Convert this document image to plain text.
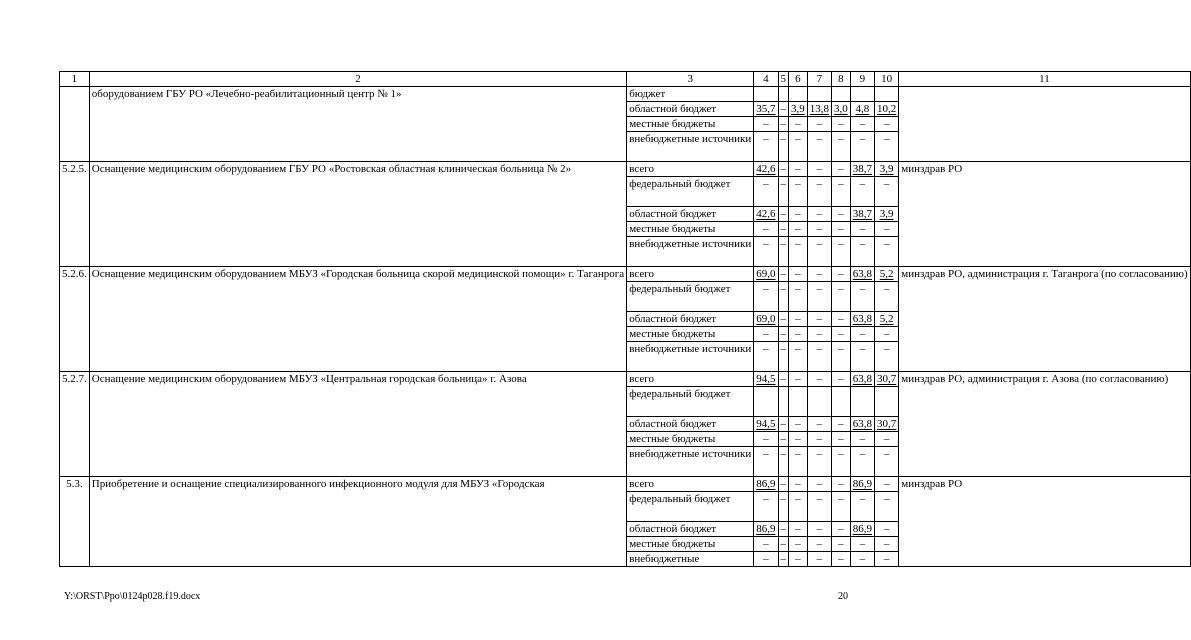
1	2	3	4	5	6	7	8	9	10	11
	оборудованием ГБУ РО «Лечебно-реабилитационный центр № 1»	бюджет								
		областной бюджет	35,7	–	3,9	13,8	3,0	4,8	10,2	
		местные бюджеты	–	–	–	–	–	–	–	
		внебюджетные источники	–	–	–	–	–	–	–	
5.2.5.	Оснащение медицинским оборудованием ГБУ РО «Ростовская областная клиническая больница № 2»	всего	42,6	–	–	–	–	38,7	3,9	минздрав РО
		федеральный бюджет	–	–	–	–	–	–	–	
		областной бюджет	42,6	–	–	–	–	38,7	3,9	
		местные бюджеты	–	–	–	–	–	–	–	
		внебюджетные источники	–	–	–	–	–	–	–	
5.2.6.	Оснащение медицинским оборудованием МБУЗ «Городская больница скорой медицинской помощи» г. Таганрога	всего	69,0	–	–	–	–	63,8	5,2	минздрав РО, администрация г. Таганрога (по согласованию)
		федеральный бюджет	–	–	–	–	–	–	–	
		областной бюджет	69,0	–	–	–	–	63,8	5,2	
		местные бюджеты	–	–	–	–	–	–	–	
		внебюджетные источники	–	–	–	–	–	–	–	
5.2.7.	Оснащение медицинским оборудованием МБУЗ «Центральная городская больница» г. Азова	всего	94,5	–	–	–	–	63,8	30,7	минздрав РО, администрация г. Азова (по согласованию)
		федеральный бюджет								
		областной бюджет	94,5	–	–	–	–	63,8	30,7	
		местные бюджеты	–	–	–	–	–	–	–	
		внебюджетные источники	–	–	–	–	–	–	–	
5.3.	Приобретение и оснащение специализированного инфекционного модуля для МБУЗ «Городская	всего	86,9	–	–	–	–	86,9	–	минздрав РО
		федеральный бюджет	–	–	–	–	–	–	–	
		областной бюджет	86,9	–	–	–	–	86,9	–	
		местные бюджеты	–	–	–	–	–	–	–	
		внебюджетные	–	–	–	–	–	–	–	
Y:\ORST\Ppo\0124p028.f19.docx	20
